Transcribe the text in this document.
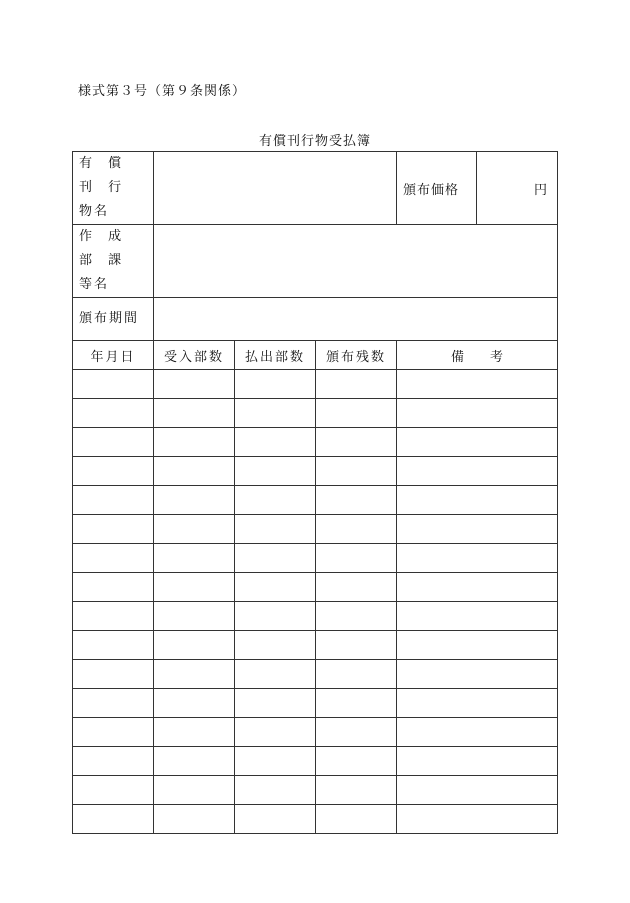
様式第３号（第９条関係）
有償刊行物受払簿
有 償 刊 行
物名				頒布価格	円

作 成 部 課
等名					

頒布期間					
年月日	受入部数	払出部数	頒布残数	備 考	
